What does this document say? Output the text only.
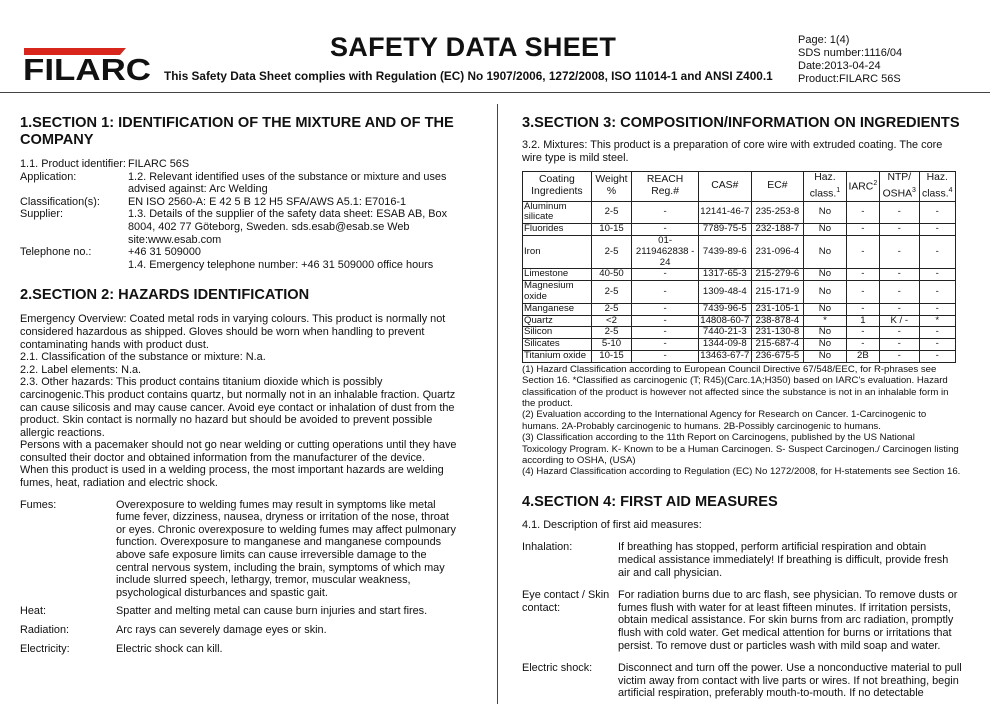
FILARC
SAFETY DATA SHEET
This Safety Data Sheet complies with Regulation (EC) No 1907/2006, 1272/2008, ISO 11014-1 and ANSI Z400.1
Page: 1(4)
SDS number:1116/04
Date:2013-04-24
Product:FILARC 56S
1.SECTION 1: IDENTIFICATION OF THE MIXTURE AND OF THE COMPANY
1.1. Product identifier: FILARC 56S
Application:	1.2. Relevant identified uses of the substance or mixture and uses advised against: Arc Welding
Classification(s):	EN ISO 2560-A: E 42 5 B 12 H5 SFA/AWS A5.1: E7016-1
Supplier:	1.3. Details of the supplier of the safety data sheet: ESAB AB, Box 8004, 402 77 Göteborg, Sweden. sds.esab@esab.se Web site:www.esab.com
Telephone no.:	+46 31 509000
1.4. Emergency telephone number: +46 31 509000 office hours
2.SECTION 2: HAZARDS IDENTIFICATION

Emergency Overview: Coated metal rods in varying colours. This product is normally not considered hazardous as shipped. Gloves should be worn when handling to prevent contaminating hands with product dust.

2.1. Classification of the substance or mixture: N.a.

2.2. Label elements: N.a.

2.3. Other hazards: This product contains titanium dioxide which is possibly carcinogenic.This product contains quartz, but normally not in an inhalable fraction. Quartz can cause silicosis and may cause cancer. Avoid eye contact or inhalation of dust from the product. Skin contact is normally no hazard but should be avoided to prevent possible allergic reactions.

Persons with a pacemaker should not go near welding or cutting operations until they have consulted their doctor and obtained information from the manufacturer of the device.

When this product is used in a welding process, the most important hazards are welding fumes, heat, radiation and electric shock.

Fumes:	Overexposure to welding fumes may result in symptoms like metal fume fever, dizziness, nausea, dryness or irritation of the nose, throat or eyes. Chronic overexposure to welding fumes may affect pulmonary function. Overexposure to manganese and manganese compounds above safe exposure limits can cause irreversible damage to the central nervous system, including the brain, symptoms of which may include slurred speech, lethargy, tremor, muscular weakness, psychological disturbances and spastic gait.
Heat:	Spatter and melting metal can cause burn injuries and start fires.
Radiation:	Arc rays can severely damage eyes or skin.
Electricity:	Electric shock can kill.
3.SECTION 3: COMPOSITION/INFORMATION ON INGREDIENTS

3.2. Mixtures: This product is a preparation of core wire with extruded coating. The core wire type is mild steel.

Coating Ingredients	Weight %	REACH Reg.#	CAS#	EC#	Haz. class.$^1$	IARC$^2$	NTP/ OSHA$^3$	Haz. class.$^4$
Aluminum silicate	2-5	-	12141-46-7	235-253-8	No	-	-	-
Fluorides	10-15	-	7789-75-5	232-188-7	No	-	-	-
Iron	2-5	01-2119462838 - 24	7439-89-6	231-096-4	No	-	-	-
Limestone	40-50	-	1317-65-3	215-279-6	No	-	-	-
Magnesium oxide	2-5	-	1309-48-4	215-171-9	No	-	-	-
Manganese	2-5	-	7439-96-5	231-105-1	No	-	-	-
Quartz	<2	-	14808-60-7	238-878-4	*	1	K / -	*
Silicon	2-5	-	7440-21-3	231-130-8	No	-	-	-
Silicates	5-10	-	1344-09-8	215-687-4	No	-	-	-
Titanium oxide	10-15	-	13463-67-7	236-675-5	No	2B	-	-

(1) Hazard Classification according to European Council Directive 67/548/EEC, for R-phrases see Section 16. *Classified as carcinogenic (T; R45)(Carc.1A;H350) based on IARC's evaluation. Hazard classification of the product is however not affected since the substance is not in an inhalable form in the product.

(2) Evaluation according to the International Agency for Research on Cancer. 1-Carcinogenic to humans. 2A-Probably carcinogenic to humans. 2B-Possibly carcinogenic to humans.

(3) Classification according to the 11th Report on Carcinogens, published by the US National Toxicology Program. K- Known to be a Human Carcinogen. S- Suspect Carcinogen./ Carcinogen listing according to OSHA, (USA)

(4) Hazard Classification according to Regulation (EC) No 1272/2008, for H-statements see Section 16.

4.SECTION 4: FIRST AID MEASURES

4.1. Description of first aid measures:

Inhalation:	If breathing has stopped, perform artificial respiration and obtain medical assistance immediately! If breathing is difficult, provide fresh air and call physician.
Eye contact / Skin contact:
For radiation burns due to arc flash, see physician. To remove dusts or fumes flush with water for at least fifteen minutes. If irritation persists, obtain medical assistance. For skin burns from arc radiation, promptly flush with cold water. Get medical attention for burns or irritations that persist. To remove dust or particles wash with mild soap and water.
Electric shock:	Disconnect and turn off the power. Use a nonconductive material to pull victim away from contact with live parts or wires. If not breathing, begin artificial respiration, preferably mouth-to-mouth. If no detectable
